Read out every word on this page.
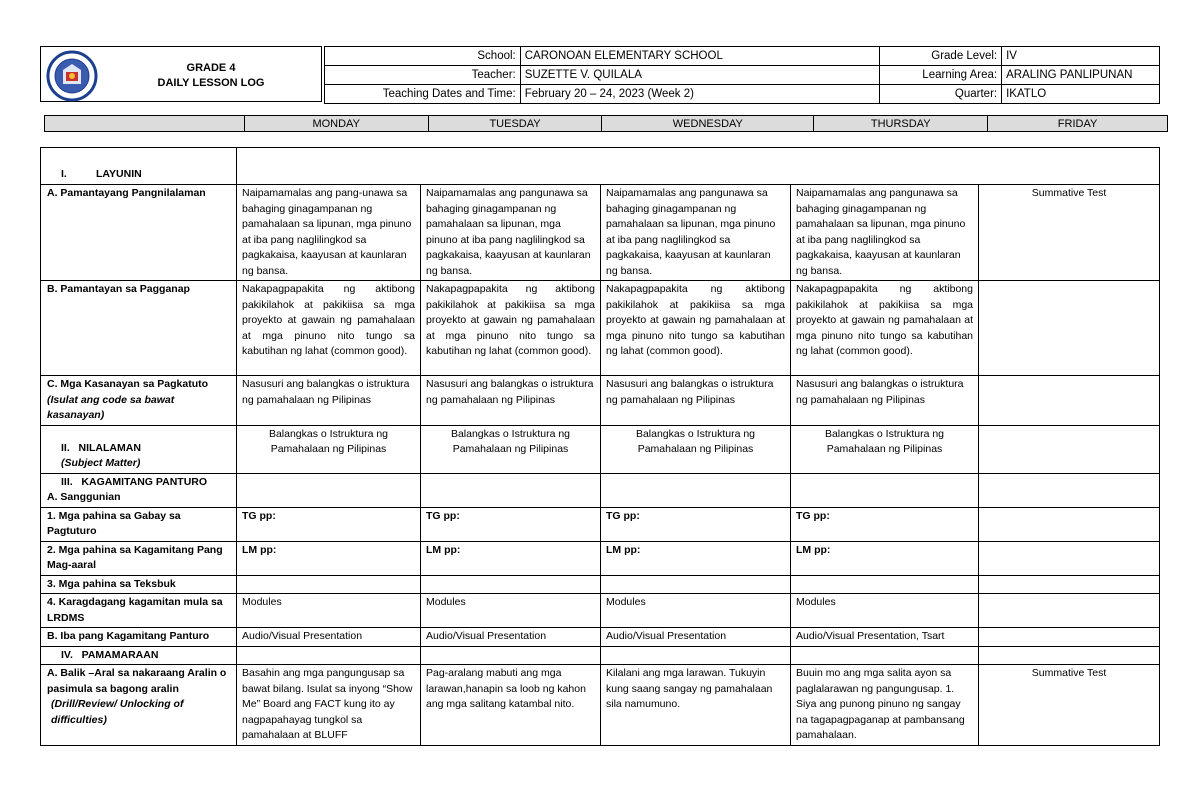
GRADE 4
DAILY LESSON LOG
School:	CARONOAN ELEMENTARY SCHOOL	Grade Level:	IV
Teacher:	SUZETTE V. QUILALA	Learning Area:	ARALING PANLIPUNAN
Teaching Dates and Time:	February 20 – 24, 2023 (Week 2)	Quarter:	IKATLO
	MONDAY	TUESDAY	WEDNESDAY	THURSDAY	FRIDAY
I.          LAYUNIN					
A. Pamantayang Pangnilalaman	Naipamamalas ang pang-unawa sa bahaging ginagampanan ng pamahalaan sa lipunan, mga pinuno at iba pang naglilingkod sa pagkakaisa, kaayusan at kaunlaran ng bansa.	Naipamamalas ang pangunawa sa bahaging ginagampanan ng pamahalaan sa lipunan, mga pinuno at iba pang naglilingkod sa pagkakaisa, kaayusan at kaunlaran ng bansa.	Naipamamalas ang pangunawa sa bahaging ginagampanan ng pamahalaan sa lipunan, mga pinuno at iba pang naglilingkod sa pagkakaisa, kaayusan at kaunlaran ng bansa.	Naipamamalas ang pangunawa sa bahaging ginagampanan ng pamahalaan sa lipunan, mga pinuno at iba pang naglilingkod sa pagkakaisa, kaayusan at kaunlaran ng bansa.	Summative Test
B. Pamantayan sa Pagganap	Nakapagpapakita ng aktibong pakikilahok at pakikiisa sa mga proyekto at gawain ng pamahalaan at mga pinuno nito tungo sa kabutihan ng lahat (common good).	Nakapagpapakita ng aktibong pakikilahok at pakikiisa sa mga proyekto at gawain ng pamahalaan at mga pinuno nito tungo sa kabutihan ng lahat (common good).	Nakapagpapakita ng aktibong pakikilahok at pakikiisa sa mga proyekto at gawain ng pamahalaan at mga pinuno nito tungo sa kabutihan ng lahat (common good).	Nakapagpapakita ng aktibong pakikilahok at pakikiisa sa mga proyekto at gawain ng pamahalaan at mga pinuno nito tungo sa kabutihan ng lahat (common good).	

C. Mga Kasanayan sa Pagkatuto
(Isulat ang code sa bawat kasanayan)	Nasusuri ang balangkas o istruktura ng pamahalaan ng Pilipinas	Nasusuri ang balangkas o istruktura ng pamahalaan ng Pilipinas	Nasusuri ang balangkas o istruktura ng pamahalaan ng Pilipinas	Nasusuri ang balangkas o istruktura ng pamahalaan ng Pilipinas	

II.   NILALAMAN
(Subject Matter)	Balangkas o Istruktura ng Pamahalaan ng Pilipinas	Balangkas o Istruktura ng Pamahalaan ng Pilipinas	Balangkas o Istruktura ng Pamahalaan ng Pilipinas	Balangkas o Istruktura ng Pamahalaan ng Pilipinas	

III.   KAGAMITANG PANTURO
A. Sanggunian					

1. Mga pahina sa Gabay sa Pagtuturo	TG pp:	TG pp:	TG pp:	TG pp:	
2. Mga pahina sa Kagamitang Pang Mag-aaral	LM pp:	LM pp:	LM pp:	LM pp:	
3. Mga pahina sa Teksbuk					
4. Karagdagang kagamitan mula sa LRDMS	Modules	Modules	Modules	Modules	
B. Iba pang Kagamitang Panturo	Audio/Visual Presentation	Audio/Visual Presentation	Audio/Visual Presentation	Audio/Visual Presentation, Tsart	
IV.   PAMAMARAAN					

A. Balik –Aral sa nakaraang Aralin o pasimula sa bagong aralin
(Drill/Review/ Unlocking of difficulties)	Basahin ang mga pangungusap sa bawat bilang. Isulat sa inyong “Show Me” Board ang FACT kung ito ay nagpapahayag tungkol sa pamahalaan at BLUFF	Pag-aralang mabuti ang mga larawan,hanapin sa loob ng kahon ang mga salitang katambal nito.	Kilalani ang mga larawan. Tukuyin kung saang sangay ng pamahalaan sila namumuno.	Buuin mo ang mga salita ayon sa paglalarawan ng pangungusap. 1. Siya ang punong pinuno ng sangay na tagapagpaganap at pambansang pamahalaan.	Summative Test
